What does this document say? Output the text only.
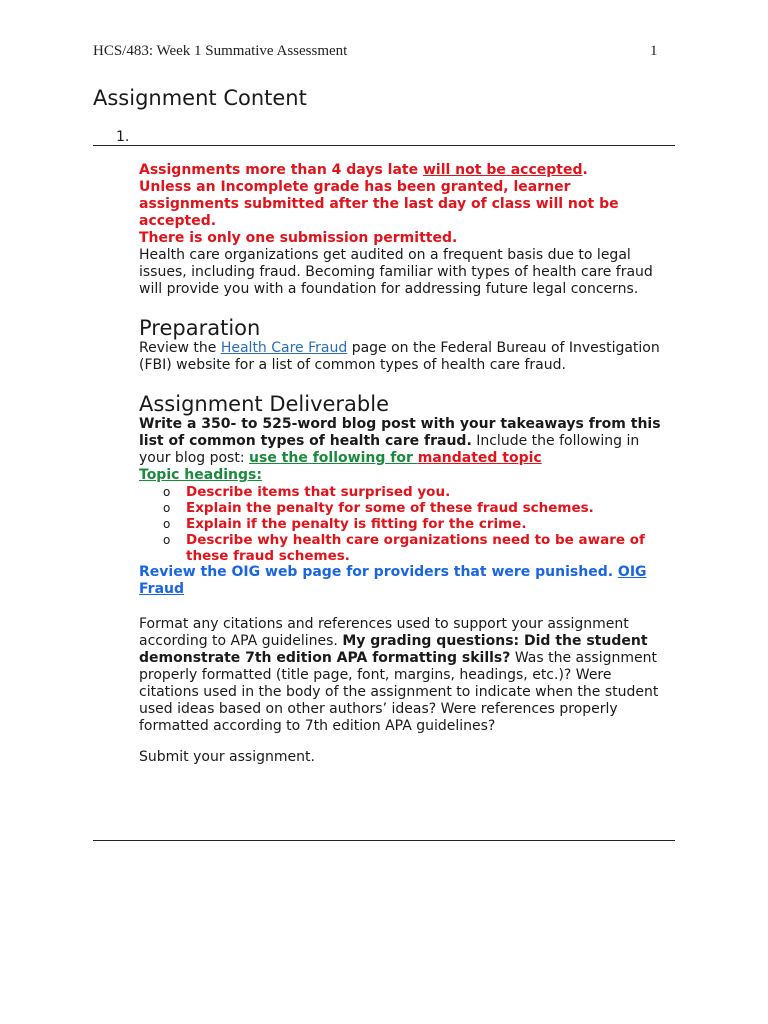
HCS/483: Week 1 Summative Assessment	1
Assignment Content
1.

Assignments more than 4 days late will not be accepted.

Unless an Incomplete grade has been granted, learner assignments submitted after the last day of class will not be accepted.

There is only one submission permitted.

Health care organizations get audited on a frequent basis due to legal issues, including fraud. Becoming familiar with types of health care fraud will provide you with a foundation for addressing future legal concerns.

Preparation

Review the Health Care Fraud page on the Federal Bureau of Investigation (FBI) website for a list of common types of health care fraud.

Assignment Deliverable

Write a 350- to 525-word blog post with your takeaways from this list of common types of health care fraud. Include the following in your blog post: use the following for mandated topic

Topic headings:

o Describe items that surprised you.
o Explain the penalty for some of these fraud schemes.
o Explain if the penalty is fitting for the crime.
o Describe why health care organizations need to be aware of these fraud schemes.

Review the OIG web page for providers that were punished. OIG Fraud

Format any citations and references used to support your assignment according to APA guidelines. My grading questions: Did the student demonstrate 7th edition APA formatting skills? Was the assignment properly formatted (title page, font, margins, headings, etc.)? Were citations used in the body of the assignment to indicate when the student used ideas based on other authors’ ideas? Were references properly formatted according to 7th edition APA guidelines?

Submit your assignment.
